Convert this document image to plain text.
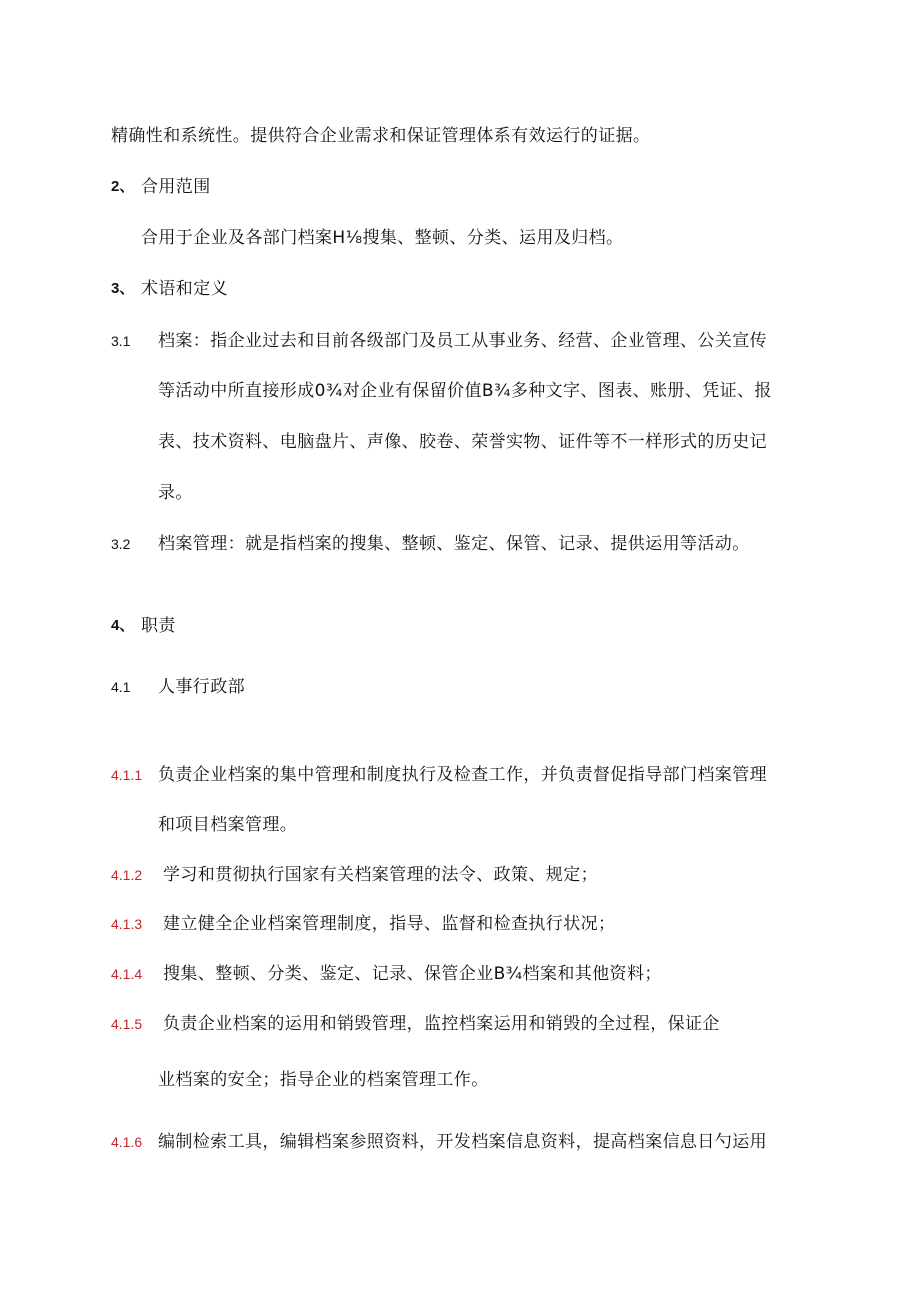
精确性和系统性。提供符合企业需求和保证管理体系有效运行的证据。
2、 合用范围
合用于企业及各部门档案H⅛搜集、整顿、分类、运用及归档。
3、 术语和定义
3.1 档案：指企业过去和目前各级部门及员工从事业务、经营、企业管理、公关宣传
等活动中所直接形成0¾对企业有保留价值B¾多种文字、图表、账册、凭证、报
表、技术资料、电脑盘片、声像、胶卷、荣誉实物、证件等不一样形式的历史记
录。
3.2 档案管理：就是指档案的搜集、整顿、鉴定、保管、记录、提供运用等活动。
4、 职责
4.1 人事行政部
4.1.1 负责企业档案的集中管理和制度执行及检查工作，并负责督促指导部门档案管理
和项目档案管理。
4.1.2 学习和贯彻执行国家有关档案管理的法令、政策、规定；
4.1.3 建立健全企业档案管理制度，指导、监督和检查执行状况；
4.1.4 搜集、整顿、分类、鉴定、记录、保管企业B¾档案和其他资料；
4.1.5 负责企业档案的运用和销毁管理，监控档案运用和销毁的全过程，保证企
业档案的安全；指导企业的档案管理工作。
4.1.6 编制检索工具，编辑档案参照资料，开发档案信息资料，提高档案信息日勺运用
